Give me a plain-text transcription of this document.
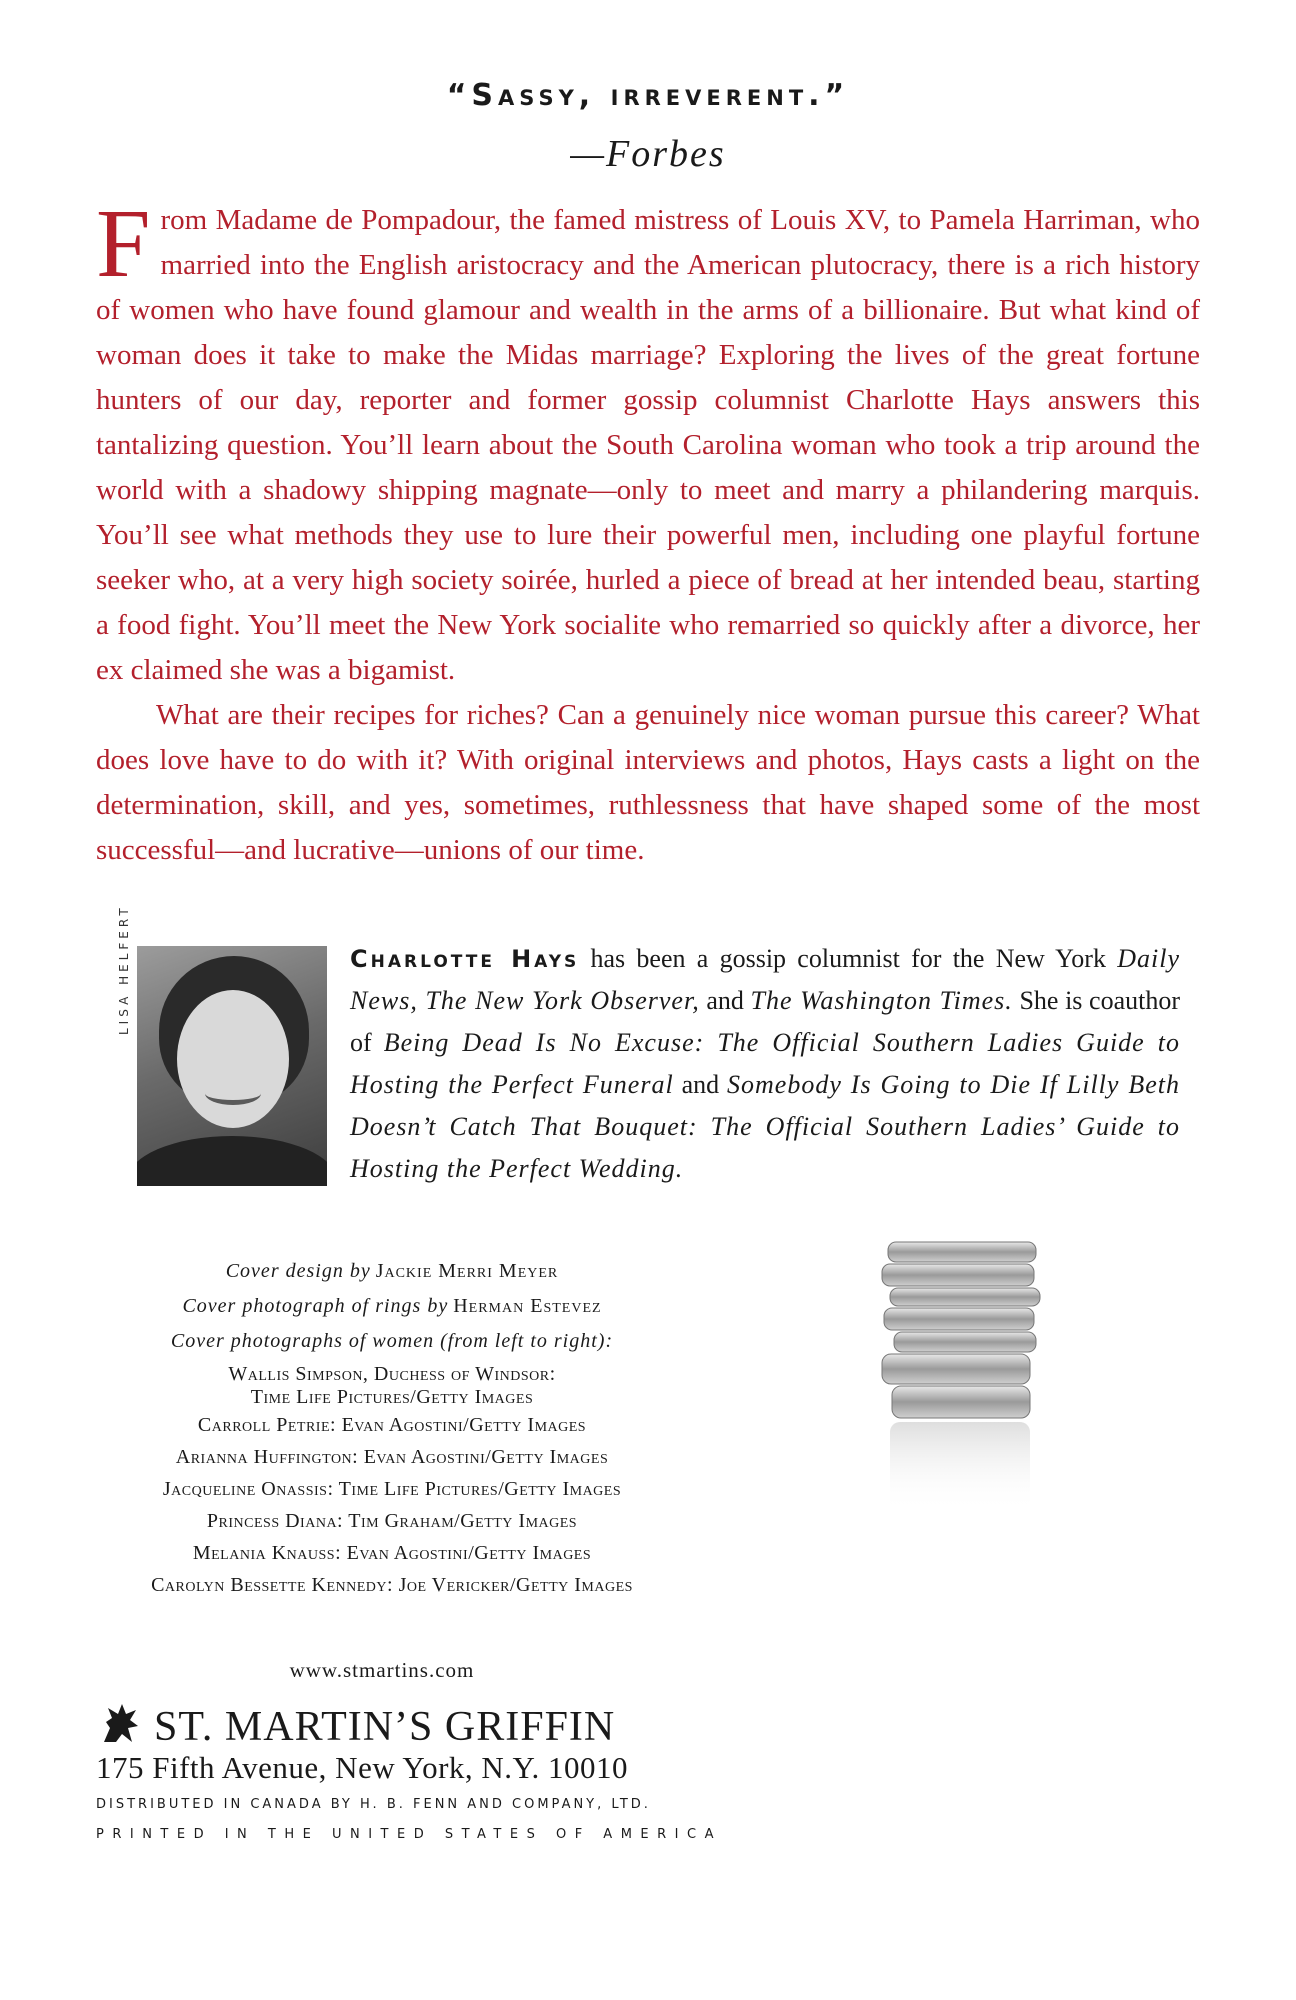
“Sassy, irreverent.”
—Forbes

From Madame de Pompadour, the famed mistress of Louis XV, to Pamela Harriman, who married into the English aristocracy and the American plutocracy, there is a rich history of women who have found glamour and wealth in the arms of a billionaire. But what kind of woman does it take to make the Midas marriage? Exploring the lives of the great fortune hunters of our day, reporter and former gossip columnist Charlotte Hays answers this tantalizing question. You’ll learn about the South Carolina woman who took a trip around the world with a shadowy shipping magnate—only to meet and marry a philandering marquis. You’ll see what methods they use to lure their powerful men, including one playful fortune seeker who, at a very high society soirée, hurled a piece of bread at her intended beau, starting a food fight. You’ll meet the New York socialite who remarried so quickly after a divorce, her ex claimed she was a bigamist.

What are their recipes for riches? Can a genuinely nice woman pursue this career? What does love have to do with it? With original interviews and photos, Hays casts a light on the determination, skill, and yes, sometimes, ruthlessness that have shaped some of the most successful—and lucrative—unions of our time.

LISA HELFERT	Charlotte Hays has been a gossip columnist for the New York Daily News, The New York Observer, and The Washington Times. She is coauthor of Being Dead Is No Excuse: The Official Southern Ladies Guide to Hosting the Perfect Funeral and Somebody Is Going to Die If Lilly Beth Doesn’t Catch That Bouquet: The Official Southern Ladies’ Guide to Hosting the Perfect Wedding.

Cover design by Jackie Merri Meyer

Cover photograph of rings by Herman Estevez

Cover photographs of women (from left to right):

Wallis Simpson, Duchess of Windsor:

Time Life Pictures/Getty Images

Carroll Petrie: Evan Agostini/Getty Images

Arianna Huffington: Evan Agostini/Getty Images

Jacqueline Onassis: Time Life Pictures/Getty Images

Princess Diana: Tim Graham/Getty Images

Melania Knauss: Evan Agostini/Getty Images

Carolyn Bessette Kennedy: Joe Vericker/Getty Images

www.stmartins.com
ST. MARTIN’S GRIFFIN
175 Fifth Avenue, New York, N.Y. 10010
DISTRIBUTED IN CANADA BY H. B. FENN AND COMPANY, LTD.
PRINTED IN THE UNITED STATES OF AMERICA
